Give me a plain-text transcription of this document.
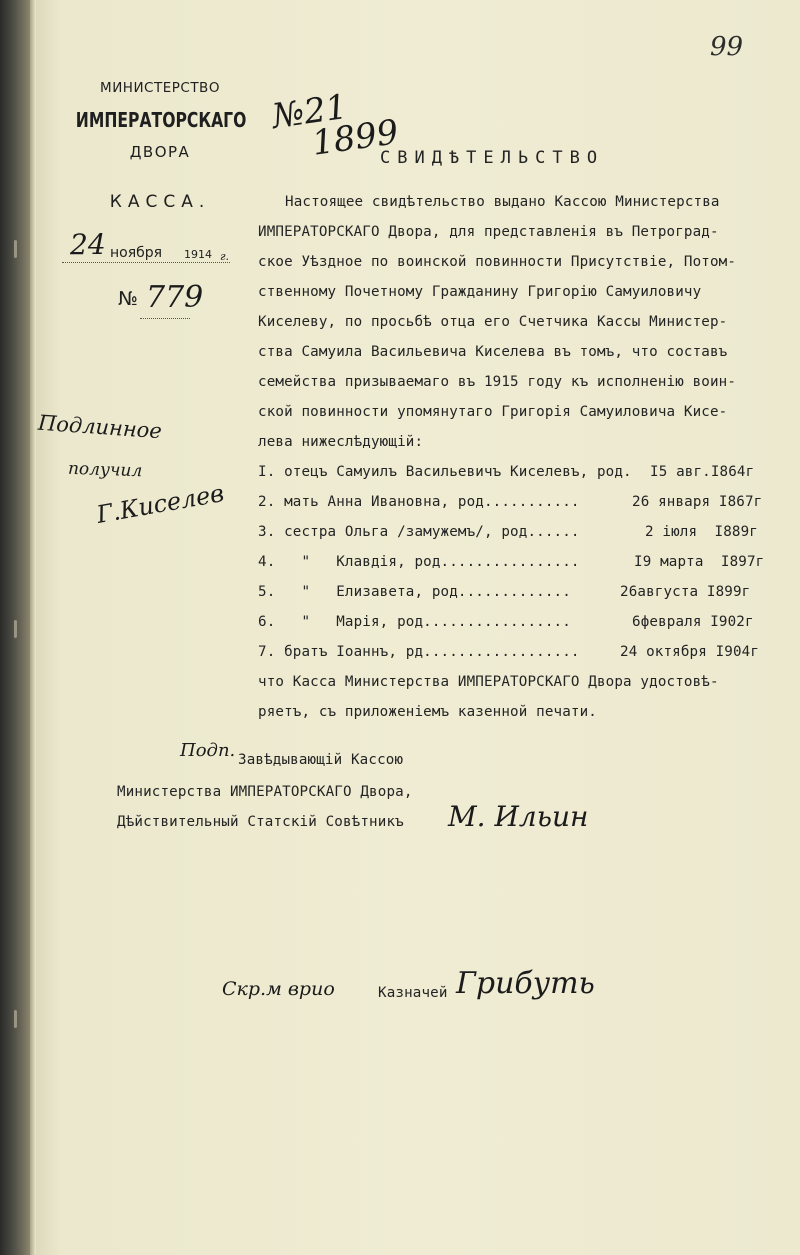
99
МИНИСТЕРСТВО
ИМПЕРАТОРСКАГО
ДВОРА
КАССА.
24 ноября 1914 г.
№ 779
№21
1899
СВИДѢТЕЛЬСТВО
Настоящее свидѣтельство выдано Кассою Министерства
ИМПЕРАТОРСКАГО Двора, для представленія въ Петроград-
ское Уѣздное по воинской повинности Присутствіе, Потом-
ственному Почетному Гражданину Григорію Самуиловичу
Киселеву, по просьбѣ отца его Счетчика Кассы Министер-
ства Самуила Васильевича Киселева въ томъ, что составъ
семейства призываемаго въ 1915 году къ исполненію воин-
ской повинности упомянутаго Григорія Самуиловича Кисе-
лева нижеслѣдующій:
I. отецъ Самуилъ Васильевичъ Киселевъ, род. I5 авг.I864г
2. мать Анна Ивановна, род...........	26 января I867г
3. сестра Ольга /замужемъ/, род......	2 іюля  I889г
4.   "   Клавдія, род................	I9 марта  I897г
5.   "   Елизавета, род.............	26августа I899г
6.   "   Марія, род.................	6февраля I902г
7. братъ Іоаннъ, рд..................	24 октября I904г
что Касса Министерства ИМПЕРАТОРСКАГО Двора удостовѣ-
ряетъ, съ приложеніемъ казенной печати.
Подп. Завѣдывающій Кассою
Министерства ИМПЕРАТОРСКАГО Двора,
Дѣйствительный Статскій Совѣтникъ М. Ильин
Скр.м врио	Казначей Грибуть
Подлинное
получил
Г.Киселев
